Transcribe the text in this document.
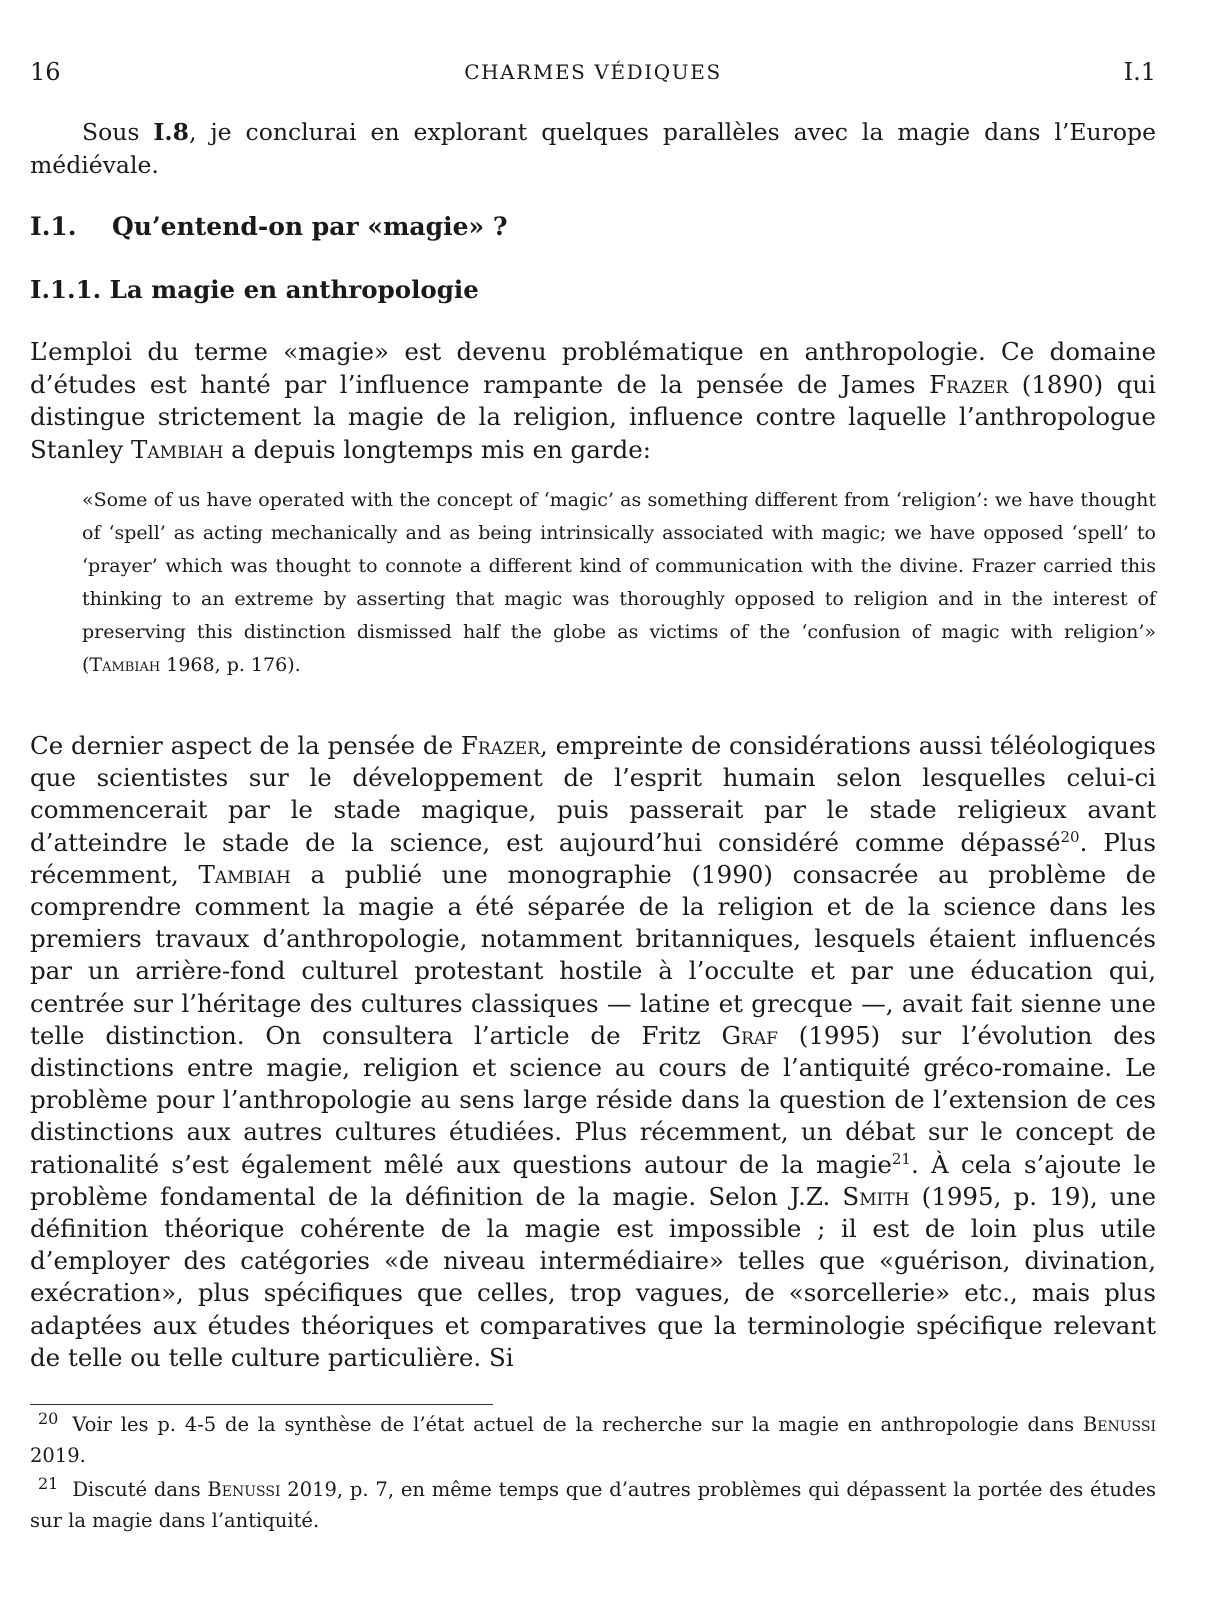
16	CHARMES VÉDIQUES	I.1

Sous I.8, je conclurai en explorant quelques parallèles avec la magie dans l’Europe médiévale.

I.1. Qu’entend-on par «magie» ?
I.1.1. La magie en anthropologie

L’emploi du terme «magie» est devenu problématique en anthropologie. Ce domaine d’études est hanté par l’influence rampante de la pensée de James Frazer (1890) qui distingue strictement la magie de la religion, influence contre laquelle l’anthropologue Stanley Tambiah a depuis longtemps mis en garde:

«Some of us have operated with the concept of ‘magic’ as something different from ‘religion’: we have thought of ‘spell’ as acting mechanically and as being intrinsically associated with magic; we have opposed ‘spell’ to ‘prayer’ which was thought to connote a different kind of communication with the divine. Frazer carried this thinking to an extreme by asserting that magic was thoroughly opposed to religion and in the interest of preserving this distinction dismissed half the globe as victims of the ‘confusion of magic with religion’» (Tambiah 1968, p. 176).

Ce dernier aspect de la pensée de Frazer, empreinte de considérations aussi téléologiques que scientistes sur le développement de l’esprit humain selon lesquelles celui-ci commencerait par le stade magique, puis passerait par le stade religieux avant d’atteindre le stade de la science, est aujourd’hui considéré comme dépassé$^{20}$. Plus récemment, Tambiah a publié une monographie (1990) consacrée au problème de comprendre comment la magie a été séparée de la religion et de la science dans les premiers travaux d’anthropologie, notamment britanniques, lesquels étaient influencés par un arrière-fond culturel protestant hostile à l’occulte et par une éducation qui, centrée sur l’héritage des cultures classiques — latine et grecque —, avait fait sienne une telle distinction. On consultera l’article de Fritz Graf (1995) sur l’évolution des distinctions entre magie, religion et science au cours de l’antiquité gréco-romaine. Le problème pour l’anthropologie au sens large réside dans la question de l’extension de ces distinctions aux autres cultures étudiées. Plus récemment, un débat sur le concept de rationalité s’est également mêlé aux questions autour de la magie$^{21}$. À cela s’ajoute le problème fondamental de la définition de la magie. Selon J.Z. Smith (1995, p. 19), une définition théorique cohérente de la magie est impossible ; il est de loin plus utile d’employer des catégories «de niveau intermédiaire» telles que «guérison, divination, exécration», plus spécifiques que celles, trop vagues, de «sorcellerie» etc., mais plus adaptées aux études théoriques et comparatives que la terminologie spécifique relevant de telle ou telle culture particulière. Si

$^{20}$ Voir les p. 4-5 de la synthèse de l’état actuel de la recherche sur la magie en anthropologie dans Benussi 2019.

$^{21}$ Discuté dans Benussi 2019, p. 7, en même temps que d’autres problèmes qui dépassent la portée des études sur la magie dans l’antiquité.
